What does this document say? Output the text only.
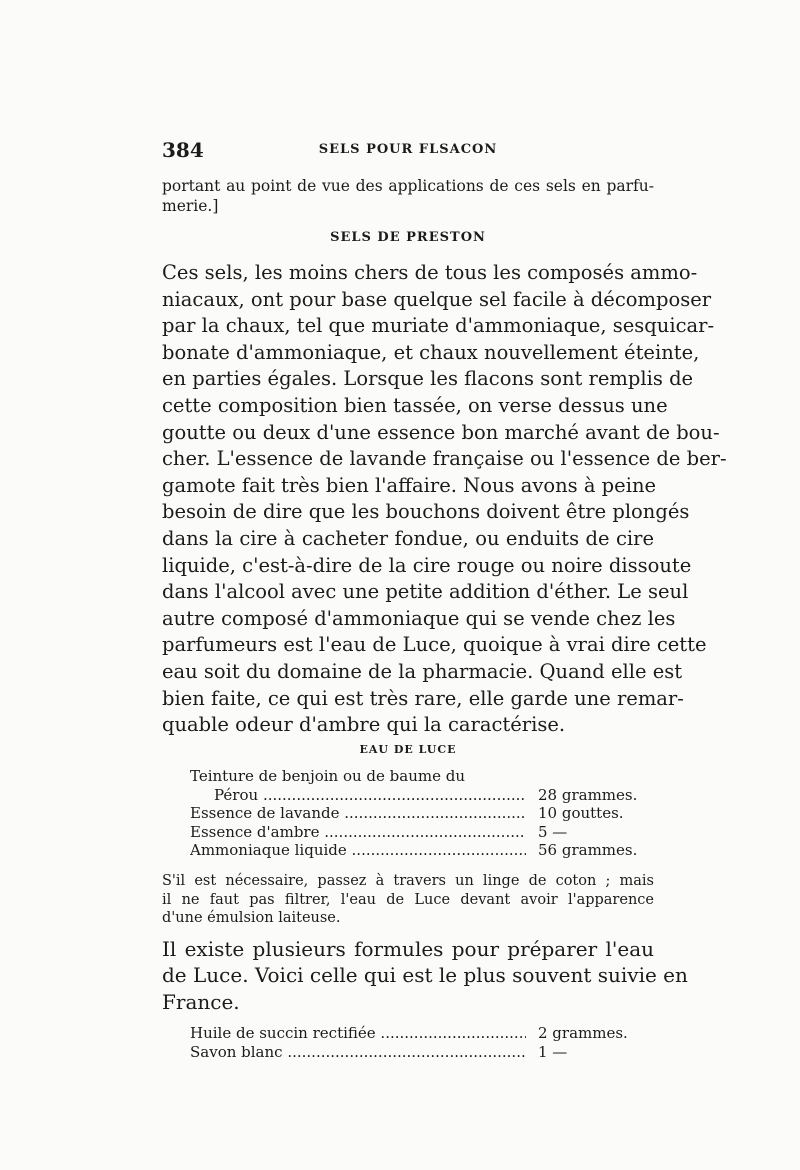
384	SELS POUR FLSACON
portant au point de vue des applications de ces sels en parfu-
merie.]
SELS DE PRESTON
Ces sels, les moins chers de tous les composés ammo-
niacaux, ont pour base quelque sel facile à décomposer
par la chaux, tel que muriate d'ammoniaque, sesquicar-
bonate d'ammoniaque, et chaux nouvellement éteinte,
en parties égales. Lorsque les flacons sont remplis de
cette composition bien tassée, on verse dessus une
goutte ou deux d'une essence bon marché avant de bou-
cher. L'essence de lavande française ou l'essence de ber-
gamote fait très bien l'affaire. Nous avons à peine
besoin de dire que les bouchons doivent être plongés
dans la cire à cacheter fondue, ou enduits de cire
liquide, c'est-à-dire de la cire rouge ou noire dissoute
dans l'alcool avec une petite addition d'éther. Le seul
autre composé d'ammoniaque qui se vende chez les
parfumeurs est l'eau de Luce, quoique à vrai dire cette
eau soit du domaine de la pharmacie. Quand elle est
bien faite, ce qui est très rare, elle garde une remar-
quable odeur d'ambre qui la caractérise.
EAU DE LUCE
Teinture de benjoin ou de baume du
Pérou .....	28 grammes.
Essence de lavande .....	10 gouttes.
Essence d'ambre .....	5 —
Ammoniaque liquide .....	56 grammes.
S'il est nécessaire, passez à travers un linge de coton ; mais
il ne faut pas filtrer, l'eau de Luce devant avoir l'apparence
d'une émulsion laiteuse.
Il existe plusieurs formules pour préparer l'eau
de Luce. Voici celle qui est le plus souvent suivie en
France.
Huile de succin rectifiée .....	2 grammes.
Savon blanc .....	1 —
